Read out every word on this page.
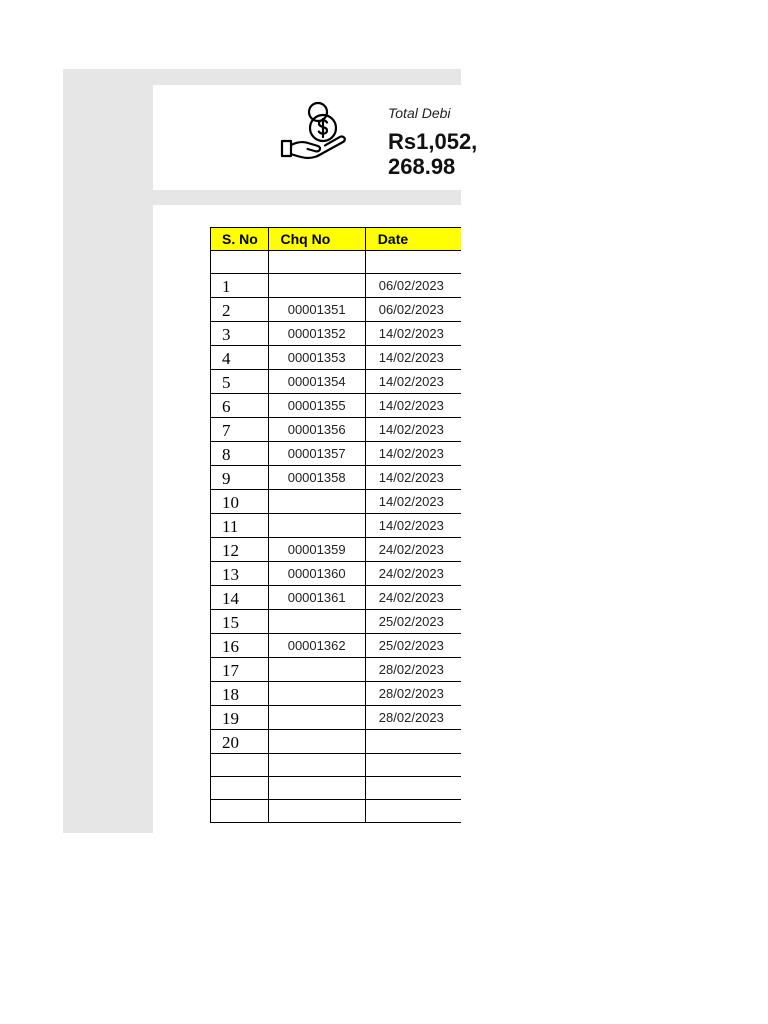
Total Debi
Rs1,052,268.98
S. No	Chq No	Date

1		06/02/2023
2	00001351	06/02/2023
3	00001352	14/02/2023
4	00001353	14/02/2023
5	00001354	14/02/2023
6	00001355	14/02/2023
7	00001356	14/02/2023
8	00001357	14/02/2023
9	00001358	14/02/2023
10		14/02/2023
11		14/02/2023
12	00001359	24/02/2023
13	00001360	24/02/2023
14	00001361	24/02/2023
15		25/02/2023
16	00001362	25/02/2023
17		28/02/2023
18		28/02/2023
19		28/02/2023
20		
